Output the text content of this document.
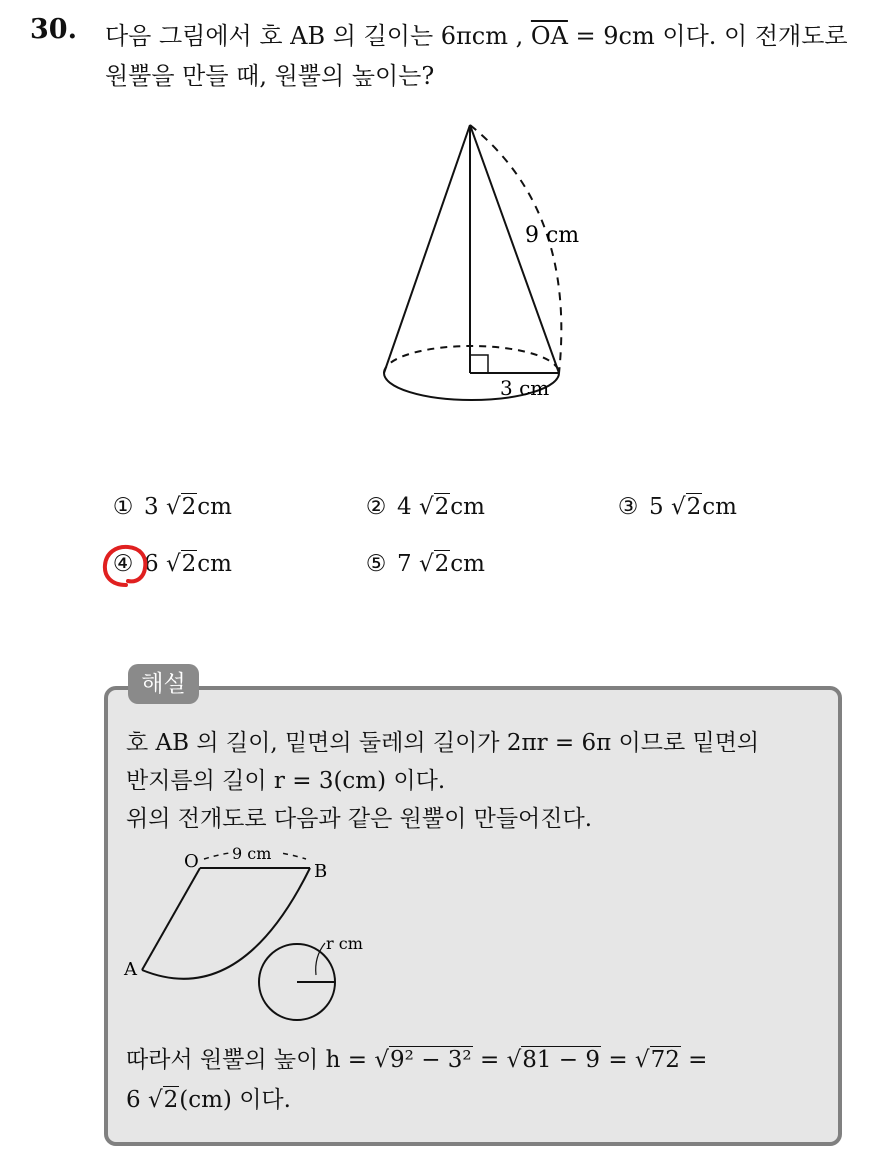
30. 다음 그림에서 호 AB 의 길이는 6πcm , $\overline{OA} = 9cm$ 이다. 이 전개도로
원뿔을 만들 때, 원뿔의 높이는?
9 cm
3 cm
① 3 √2cm	② 4 √2cm	③ 5 √2cm
④ 6 √2cm	⑤ 7 √2cm
해설
호 AB 의 길이, 밑면의 둘레의 길이가 2πr = 6π 이므로 밑면의
반지름의 길이 r = 3(cm) 이다.
위의 전개도로 다음과 같은 원뿔이 만들어진다.
9 cm
O	B
A
r cm
따라서 원뿔의 높이 h = √9² − 3² = √81 − 9 = √72 =
6 √2(cm) 이다.
